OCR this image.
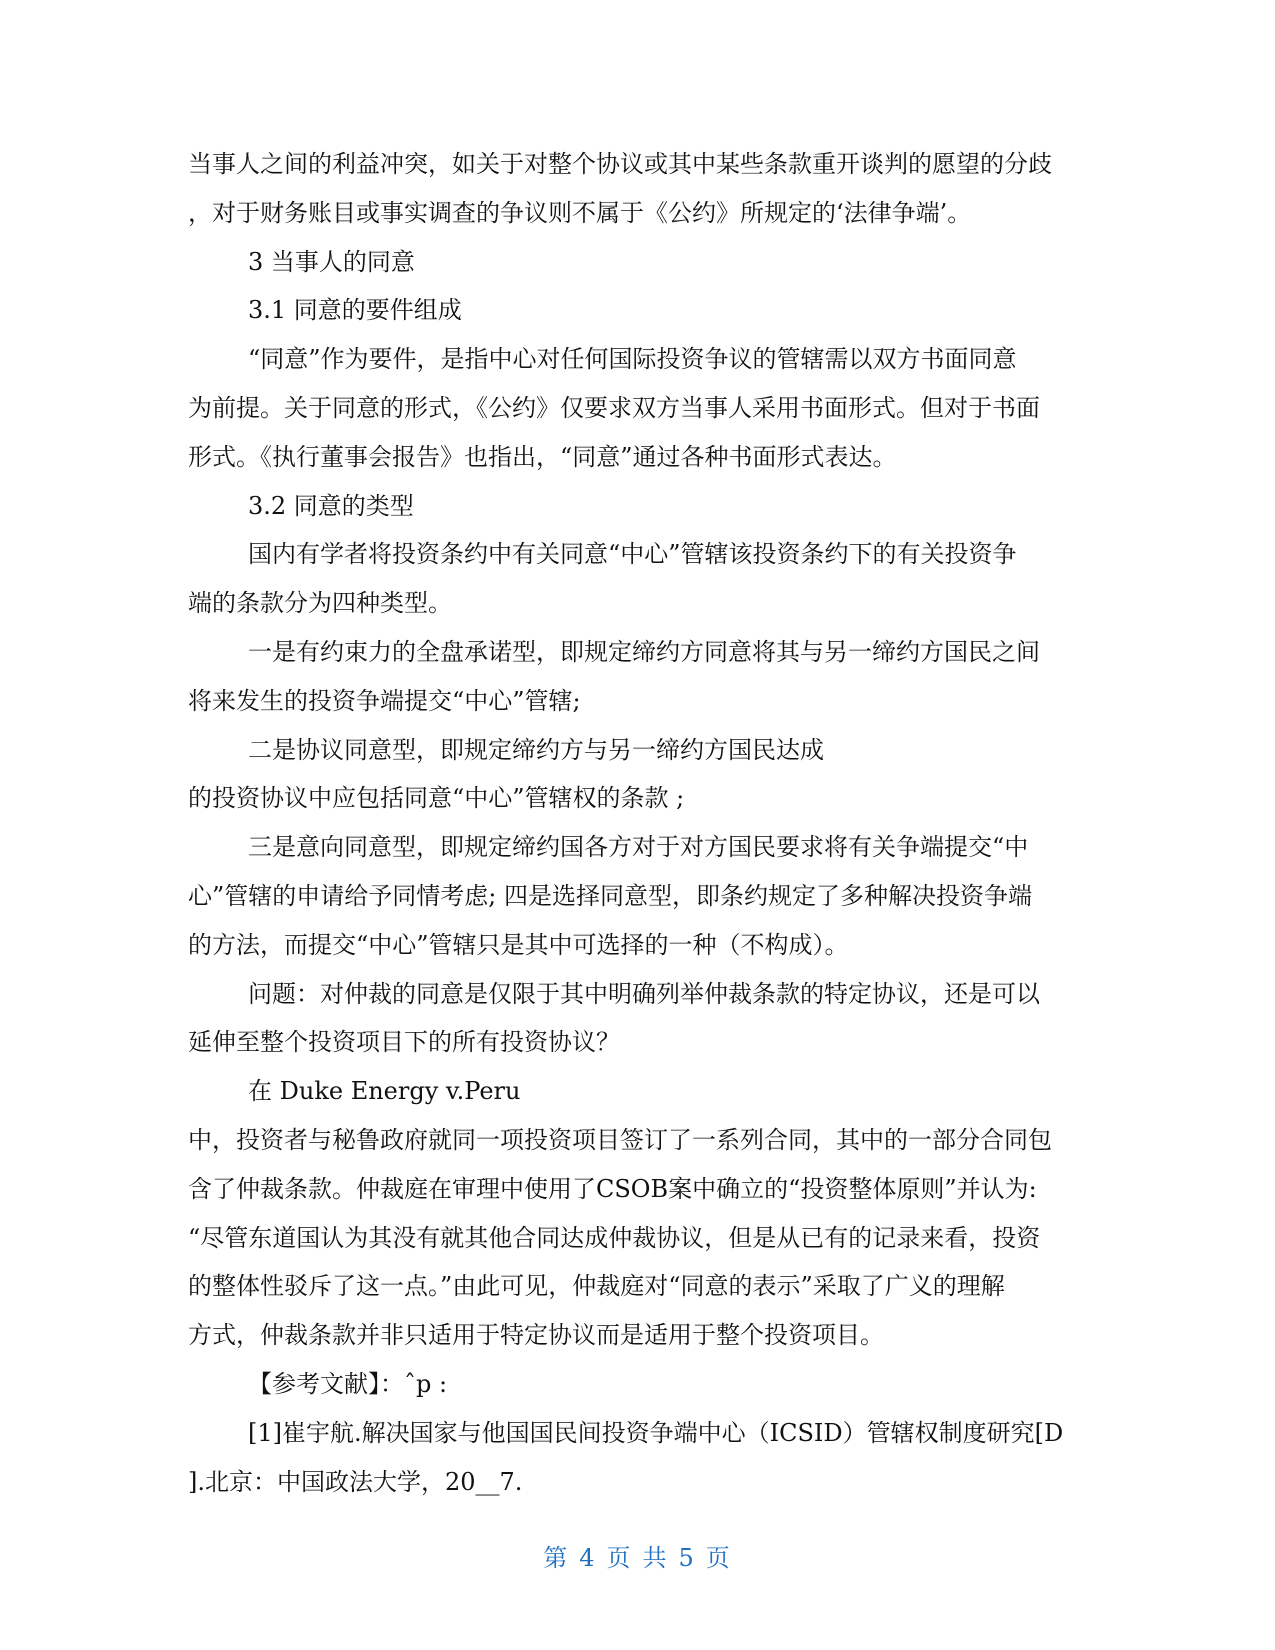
当事人之间的利益冲突，如关于对整个协议或其中某些条款重开谈判的愿望的分歧
，对于财务账目或事实调查的争议则不属于《公约》所规定的‘法律争端’。
3 当事人的同意
3.1 同意的要件组成
“同意”作为要件，是指中心对任何国际投资争议的管辖需以双方书面同意
为前提。关于同意的形式，《公约》仅要求双方当事人采用书面形式。但对于书面
形式。《执行董事会报告》也指出，“同意”通过各种书面形式表达。
3.2 同意的类型
国内有学者将投资条约中有关同意“中心”管辖该投资条约下的有关投资争
端的条款分为四种类型。
一是有约束力的全盘承诺型，即规定缔约方同意将其与另一缔约方国民之间
将来发生的投资争端提交“中心”管辖;
二是协议同意型，即规定缔约方与另一缔约方国民达成
的投资协议中应包括同意“中心”管辖权的条款 ;
三是意向同意型，即规定缔约国各方对于对方国民要求将有关争端提交“中
心”管辖的申请给予同情考虑; 四是选择同意型，即条约规定了多种解决投资争端
的方法，而提交“中心”管辖只是其中可选择的一种（不构成）。
问题：对仲裁的同意是仅限于其中明确列举仲裁条款的特定协议，还是可以
延伸至整个投资项目下的所有投资协议？
在 Duke Energy v.Peru
中，投资者与秘鲁政府就同一项投资项目签订了一系列合同，其中的一部分合同包
含了仲裁条款。仲裁庭在审理中使用了CSOB案中确立的“投资整体原则”并认为:
“尽管东道国认为其没有就其他合同达成仲裁协议，但是从已有的记录来看，投资
的整体性驳斥了这一点。”由此可见，仲裁庭对“同意的表示”采取了广义的理解
方式，仲裁条款并非只适用于特定协议而是适用于整个投资项目。
【参考文献】：ˆp :
[1]崔宇航.解决国家与他国国民间投资争端中心（ICSID）管辖权制度研究[D
].北京：中国政法大学，20__7.
第 4 页 共 5 页
